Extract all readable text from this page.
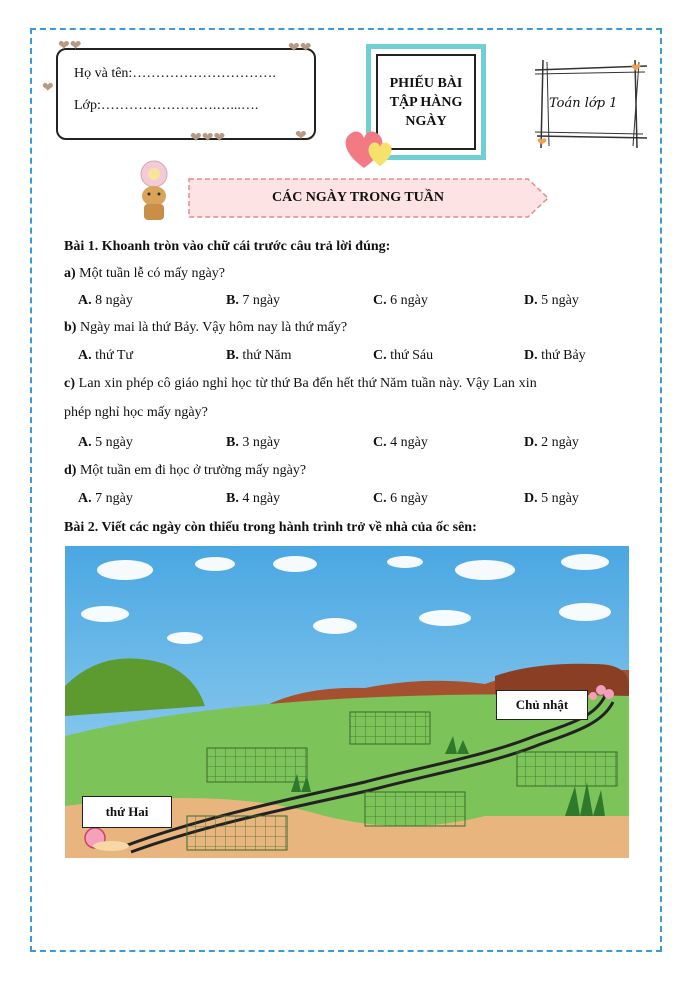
Họ và tên:………………………….
Lớp:…………………….…...….
❤❤	❤❤
❤
❤❤❤	❤
PHIẾU BÀI
TẬP HÀNG
NGÀY
❤
❤
Toán lớp 1
CÁC NGÀY TRONG TUẦN
Bài 1. Khoanh tròn vào chữ cái trước câu trả lời đúng:
a) Một tuần lễ có mấy ngày?
A. 8 ngày	B. 7 ngày	C. 6 ngày	D. 5 ngày
b) Ngày mai là thứ Bảy. Vậy hôm nay là thứ mấy?
A. thứ Tư	B. thứ Năm	C. thứ Sáu	D. thứ Bảy
c) Lan xin phép cô giáo nghỉ học từ thứ Ba đến hết thứ Năm tuần này. Vậy Lan xin
phép nghỉ học mấy ngày?
A. 5 ngày	B. 3 ngày	C. 4 ngày	D. 2 ngày
d) Một tuần em đi học ở trường mấy ngày?
A. 7 ngày	B. 4 ngày	C. 6 ngày	D. 5 ngày
Bài 2. Viết các ngày còn thiếu trong hành trình trở về nhà của ốc sên:
Chủ nhật
thứ Hai
